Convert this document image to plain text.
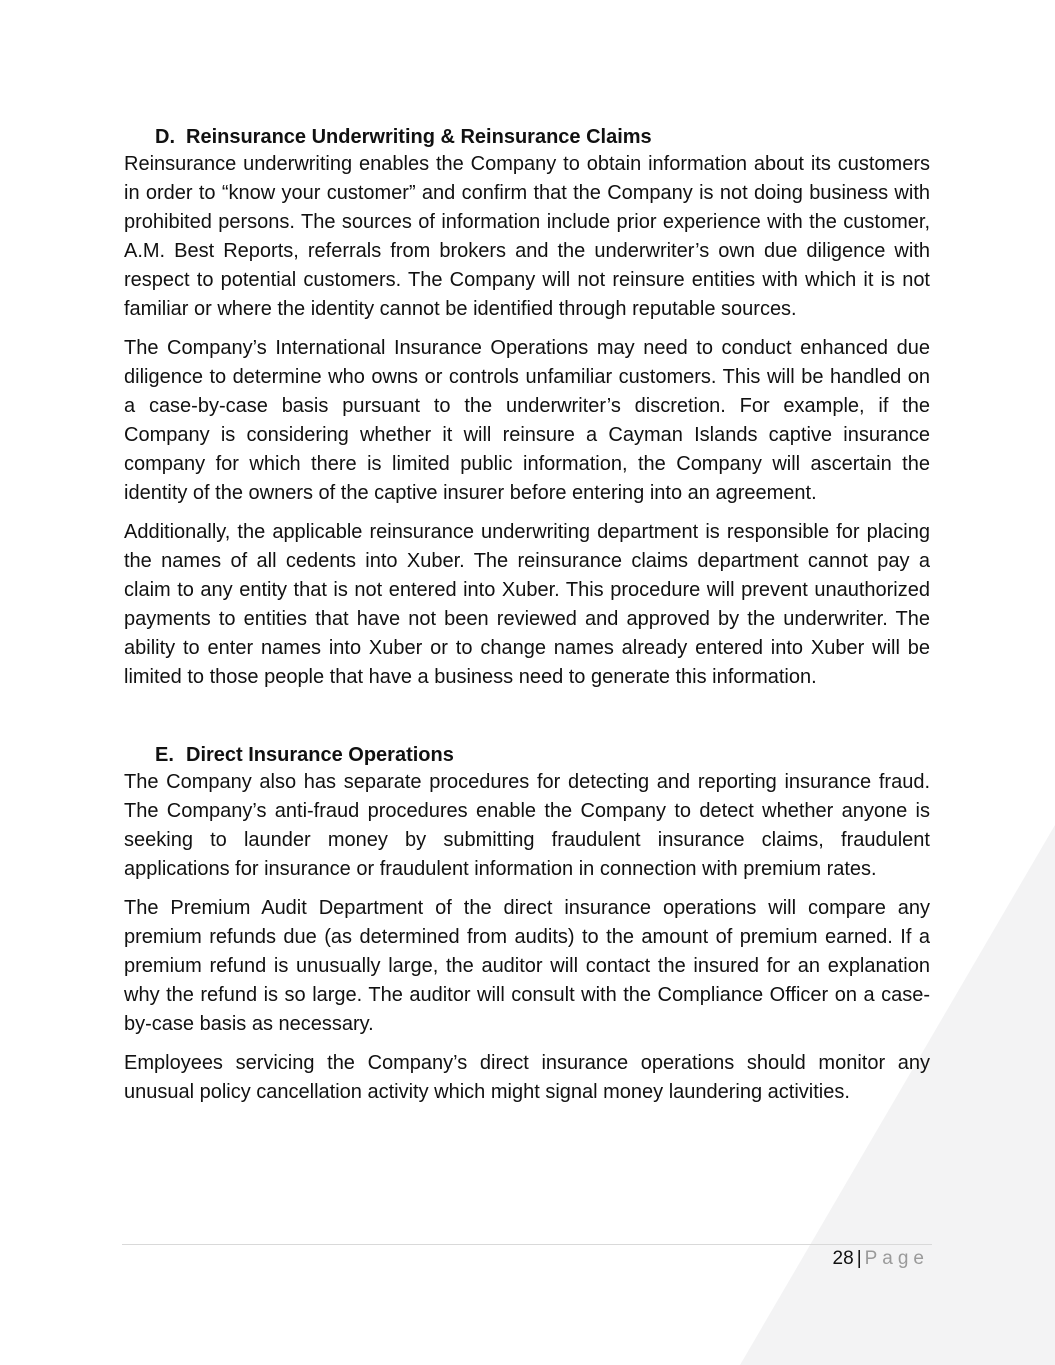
D. Reinsurance Underwriting & Reinsurance Claims

Reinsurance underwriting enables the Company to obtain information about its customers in order to “know your customer” and confirm that the Company is not doing business with prohibited persons. The sources of information include prior experience with the customer, A.M. Best Reports, referrals from brokers and the underwriter’s own due diligence with respect to potential customers. The Company will not reinsure entities with which it is not familiar or where the identity cannot be identified through reputable sources.

The Company’s International Insurance Operations may need to conduct enhanced due diligence to determine who owns or controls unfamiliar customers. This will be handled on a case-by-case basis pursuant to the underwriter’s discretion. For example, if the Company is considering whether it will reinsure a Cayman Islands captive insurance company for which there is limited public information, the Company will ascertain the identity of the owners of the captive insurer before entering into an agreement.

Additionally, the applicable reinsurance underwriting department is responsible for placing the names of all cedents into Xuber. The reinsurance claims department cannot pay a claim to any entity that is not entered into Xuber. This procedure will prevent unauthorized payments to entities that have not been reviewed and approved by the underwriter. The ability to enter names into Xuber or to change names already entered into Xuber will be limited to those people that have a business need to generate this information.

E. Direct Insurance Operations

The Company also has separate procedures for detecting and reporting insurance fraud. The Company’s anti-fraud procedures enable the Company to detect whether anyone is seeking to launder money by submitting fraudulent insurance claims, fraudulent applications for insurance or fraudulent information in connection with premium rates.

The Premium Audit Department of the direct insurance operations will compare any premium refunds due (as determined from audits) to the amount of premium earned. If a premium refund is unusually large, the auditor will contact the insured for an explanation why the refund is so large. The auditor will consult with the Compliance Officer on a case-by-case basis as necessary.

Employees servicing the Company’s direct insurance operations should monitor any unusual policy cancellation activity which might signal money laundering activities.

28 | Page
